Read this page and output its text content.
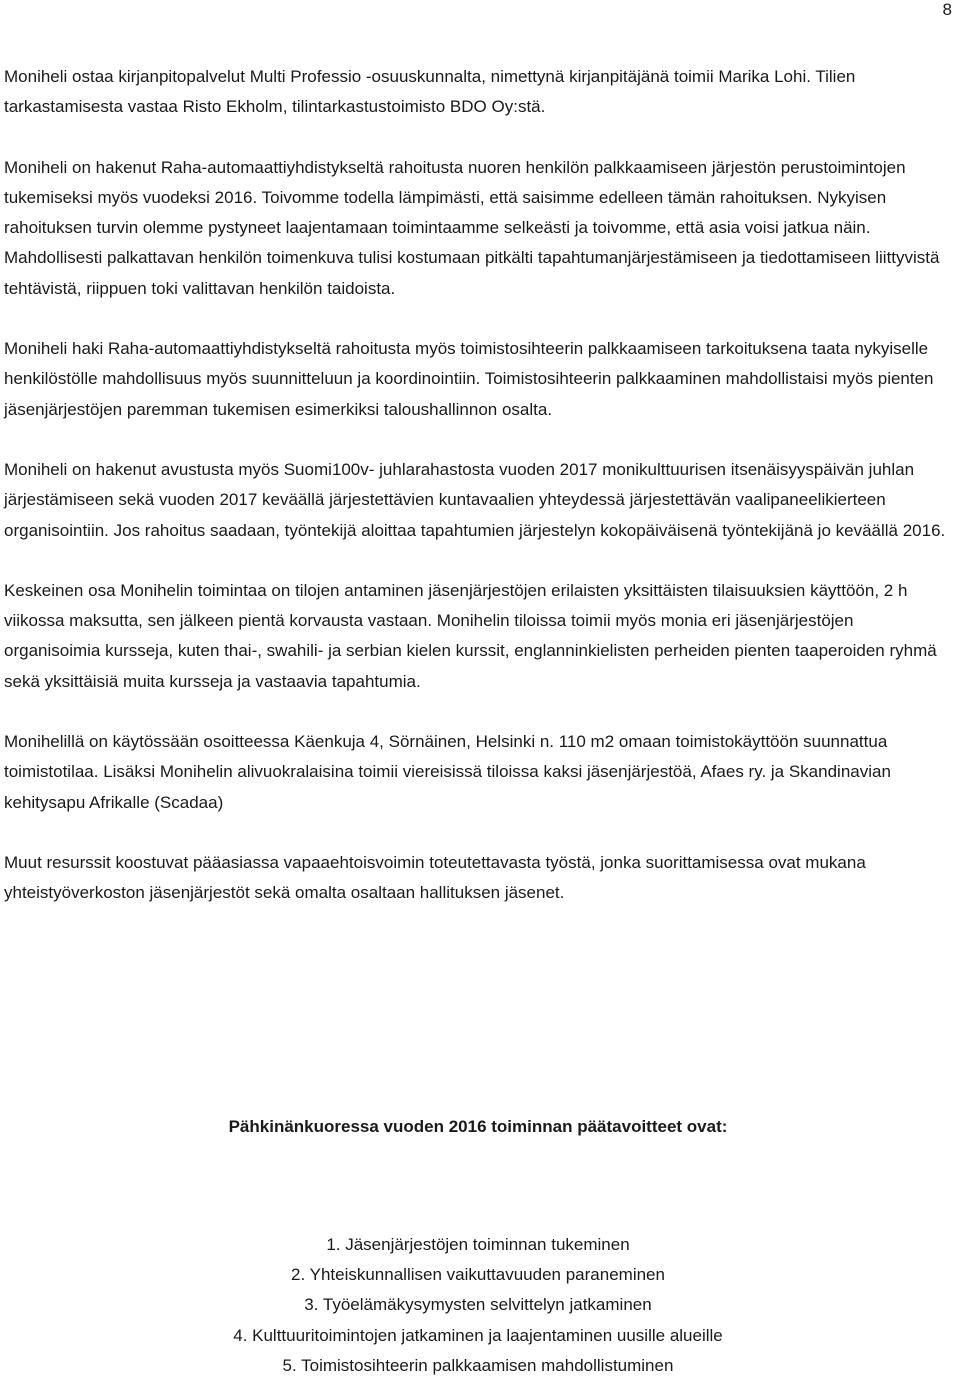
8

Moniheli ostaa kirjanpitopalvelut Multi Professio -osuuskunnalta, nimettynä kirjanpitäjänä toimii Marika Lohi. Tilien tarkastamisesta vastaa Risto Ekholm, tilintarkastustoimisto BDO Oy:stä.

Moniheli on hakenut Raha-automaattiyhdistykseltä rahoitusta nuoren henkilön palkkaamiseen järjestön perustoimintojen tukemiseksi myös vuodeksi 2016. Toivomme todella lämpimästi, että saisimme edelleen tämän rahoituksen. Nykyisen rahoituksen turvin olemme pystyneet laajentamaan toimintaamme selkeästi ja toivomme, että asia voisi jatkua näin. Mahdollisesti palkattavan henkilön toimenkuva tulisi kostumaan pitkälti tapahtumanjärjestämiseen ja tiedottamiseen liittyvistä tehtävistä, riippuen toki valittavan henkilön taidoista.

Moniheli haki Raha-automaattiyhdistykseltä rahoitusta myös toimistosihteerin palkkaamiseen tarkoituksena taata nykyiselle henkilöstölle mahdollisuus myös suunnitteluun ja koordinointiin. Toimistosihteerin palkkaaminen mahdollistaisi myös pienten jäsenjärjestöjen paremman tukemisen esimerkiksi taloushallinnon osalta.

Moniheli on hakenut avustusta myös Suomi100v- juhlarahastosta vuoden 2017 monikulttuurisen itsenäisyyspäivän juhlan järjestämiseen sekä vuoden 2017 keväällä järjestettävien kuntavaalien yhteydessä järjestettävän vaalipaneelikierteen organisointiin. Jos rahoitus saadaan, työntekijä aloittaa tapahtumien järjestelyn kokopäiväisenä työntekijänä jo keväällä 2016.

Keskeinen osa Monihelin toimintaa on tilojen antaminen jäsenjärjestöjen erilaisten yksittäisten tilaisuuksien käyttöön, 2 h viikossa maksutta, sen jälkeen pientä korvausta vastaan. Monihelin tiloissa toimii myös monia eri jäsenjärjestöjen organisoimia kursseja, kuten thai-, swahili- ja serbian kielen kurssit, englanninkielisten perheiden pienten taaperoiden ryhmä sekä yksittäisiä muita kursseja ja vastaavia tapahtumia.

Monihelillä on käytössään osoitteessa Käenkuja 4, Sörnäinen, Helsinki n. 110 m2 omaan toimistokäyttöön suunnattua toimistotilaa. Lisäksi Monihelin alivuokralaisina toimii viereisissä tiloissa kaksi jäsenjärjestöä, Afaes ry. ja Skandinavian kehitysapu Afrikalle (Scadaa)

Muut resurssit koostuvat pääasiassa vapaaehtoisvoimin toteutettavasta työstä, jonka suorittamisessa ovat mukana yhteistyöverkoston jäsenjärjestöt sekä omalta osaltaan hallituksen jäsenet.

Pähkinänkuoressa vuoden 2016 toiminnan päätavoitteet ovat:
1. Jäsenjärjestöjen toiminnan tukeminen
2. Yhteiskunnallisen vaikuttavuuden paraneminen
3. Työelämäkysymysten selvittelyn jatkaminen
4. Kulttuuritoimintojen jatkaminen ja laajentaminen uusille alueille
5. Toimistosihteerin palkkaamisen mahdollistuminen
